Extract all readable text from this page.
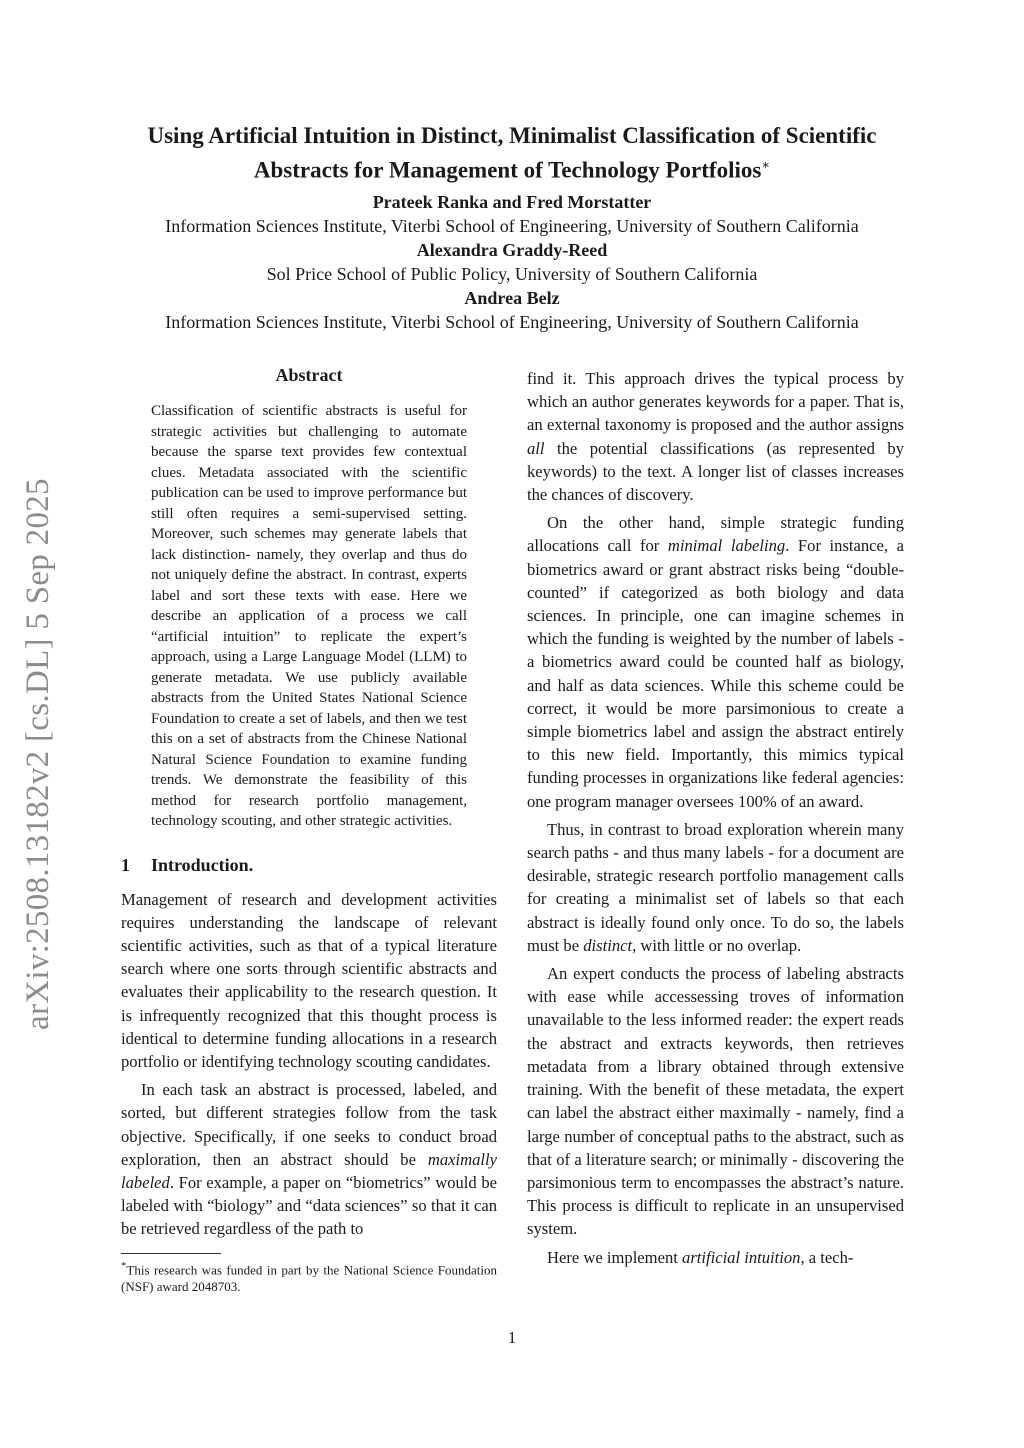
arXiv:2508.13182v2 [cs.DL] 5 Sep 2025
Using Artificial Intuition in Distinct, Minimalist Classification of Scientific
Abstracts for Management of Technology Portfolios∗
Prateek Ranka and Fred Morstatter
Information Sciences Institute, Viterbi School of Engineering, University of Southern California
Alexandra Graddy-Reed
Sol Price School of Public Policy, University of Southern California
Andrea Belz
Information Sciences Institute, Viterbi School of Engineering, University of Southern California
Abstract
Classification of scientific abstracts is useful for strategic activities but challenging to automate because the sparse text provides few contextual clues. Metadata associated with the scientific publication can be used to improve performance but still often requires a semi-supervised setting. Moreover, such schemes may generate labels that lack distinction- namely, they overlap and thus do not uniquely define the abstract. In contrast, experts label and sort these texts with ease. Here we describe an application of a process we call “artificial intuition” to replicate the expert’s approach, using a Large Language Model (LLM) to generate metadata. We use publicly available abstracts from the United States National Science Foundation to create a set of labels, and then we test this on a set of abstracts from the Chinese National Natural Science Foundation to examine funding trends. We demonstrate the feasibility of this method for research portfolio management, technology scouting, and other strategic activities.
1 Introduction.

Management of research and development activities requires understanding the landscape of relevant scientific activities, such as that of a typical literature search where one sorts through scientific abstracts and evaluates their applicability to the research question. It is infrequently recognized that this thought process is identical to determine funding allocations in a research portfolio or identifying technology scouting candidates.

In each task an abstract is processed, labeled, and sorted, but different strategies follow from the task objective. Specifically, if one seeks to conduct broad exploration, then an abstract should be maximally labeled. For example, a paper on “biometrics” would be labeled with “biology” and “data sciences” so that it can be retrieved regardless of the path to

*This research was funded in part by the National Science Foundation (NSF) award 2048703.

find it. This approach drives the typical process by which an author generates keywords for a paper. That is, an external taxonomy is proposed and the author assigns all the potential classifications (as represented by keywords) to the text. A longer list of classes increases the chances of discovery.

On the other hand, simple strategic funding allocations call for minimal labeling. For instance, a biometrics award or grant abstract risks being “double-counted” if categorized as both biology and data sciences. In principle, one can imagine schemes in which the funding is weighted by the number of labels - a biometrics award could be counted half as biology, and half as data sciences. While this scheme could be correct, it would be more parsimonious to create a simple biometrics label and assign the abstract entirely to this new field. Importantly, this mimics typical funding processes in organizations like federal agencies: one program manager oversees 100% of an award.

Thus, in contrast to broad exploration wherein many search paths - and thus many labels - for a document are desirable, strategic research portfolio management calls for creating a minimalist set of labels so that each abstract is ideally found only once. To do so, the labels must be distinct, with little or no overlap.

An expert conducts the process of labeling abstracts with ease while accessessing troves of information unavailable to the less informed reader: the expert reads the abstract and extracts keywords, then retrieves metadata from a library obtained through extensive training. With the benefit of these metadata, the expert can label the abstract either maximally - namely, find a large number of conceptual paths to the abstract, such as that of a literature search; or minimally - discovering the parsimonious term to encompasses the abstract’s nature. This process is difficult to replicate in an unsupervised system.

Here we implement artificial intuition, a tech-

1
